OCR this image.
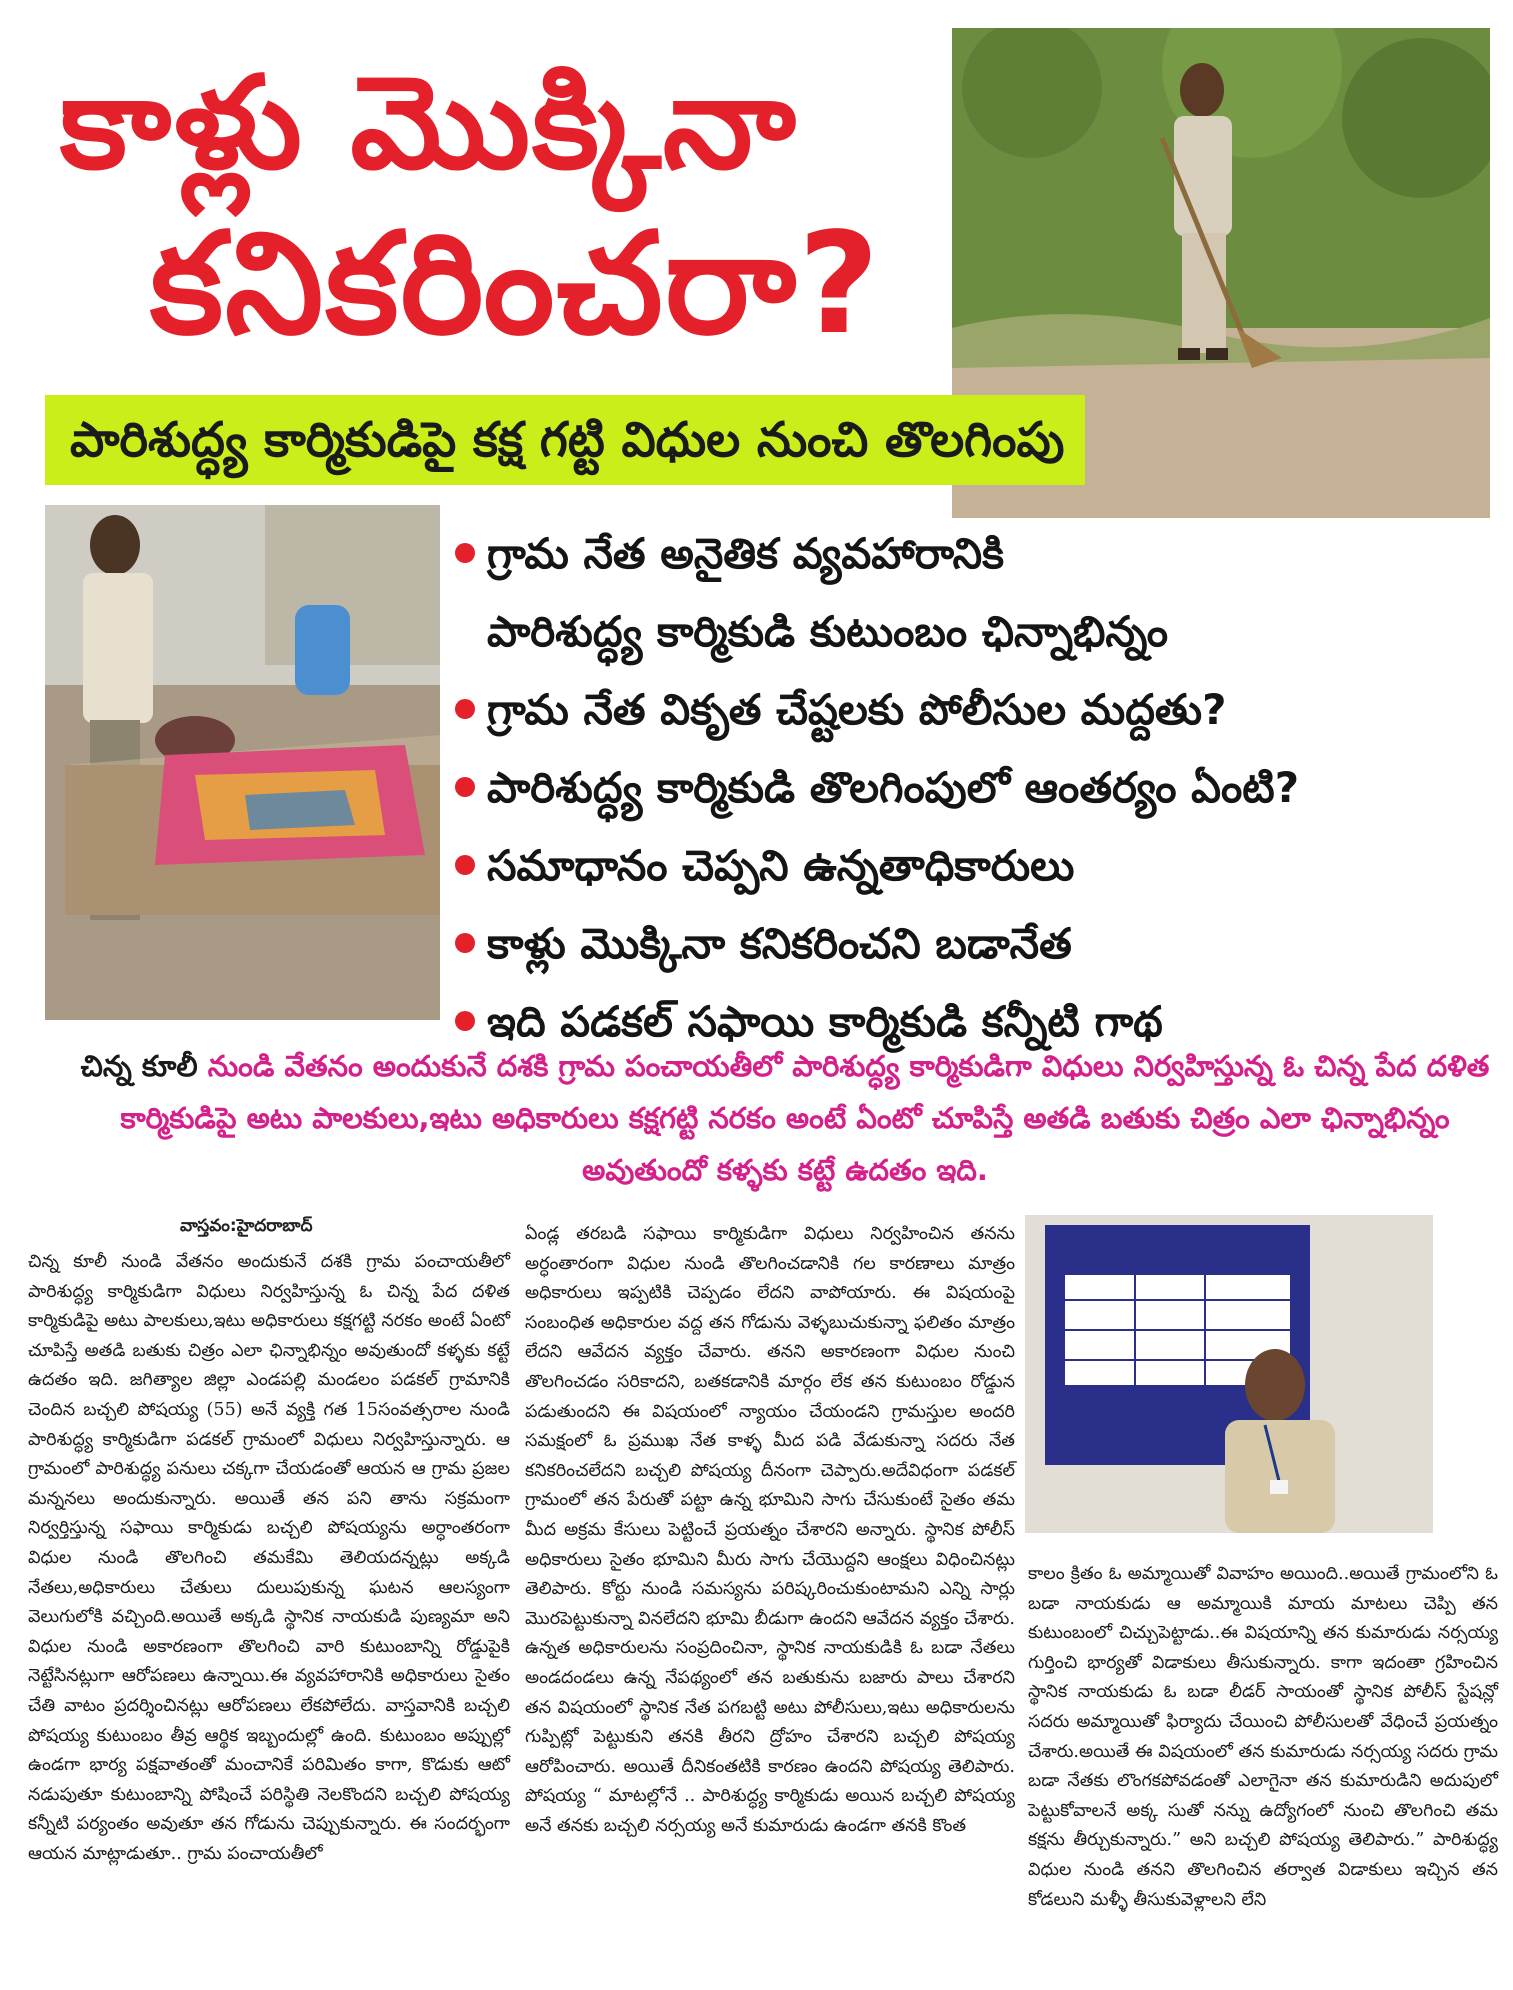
కాళ్లు మొక్కినా
కనికరించరా?
పారిశుద్ధ్య కార్మికుడిపై కక్ష గట్టి విధుల నుంచి తొలగింపు
గ్రామ నేత అనైతిక వ్యవహారానికి
పారిశుద్ధ్య కార్మికుడి కుటుంబం ఛిన్నాభిన్నం
గ్రామ నేత వికృత చేష్టలకు పోలీసుల మద్దతు?
పారిశుద్ధ్య కార్మికుడి తొలగింపులో ఆంతర్యం ఏంటి?
సమాధానం చెప్పని ఉన్నతాధికారులు
కాళ్లు మొక్కినా కనికరించని బడానేత
ఇది పడకల్ సఫాయి కార్మికుడి కన్నీటి గాథ
చిన్న కూలీ నుండి వేతనం అందుకునే దశకి గ్రామ పంచాయతీలో పారిశుద్ధ్య కార్మికుడిగా విధులు నిర్వహిస్తున్న ఓ చిన్న పేద దళిత కార్మికుడిపై అటు పాలకులు,ఇటు అధికారులు కక్షగట్టి నరకం అంటే ఏంటో చూపిస్తే అతడి బతుకు చిత్రం ఎలా ఛిన్నాభిన్నం అవుతుందో కళ్ళకు కట్టే ఉదతం ఇది.
వాస్తవం:హైదరాబాద్

చిన్న కూలీ నుండి వేతనం అందుకునే దశకి గ్రామ పంచాయతీలో పారిశుద్ధ్య కార్మికుడిగా విధులు నిర్వహిస్తున్న ఓ చిన్న పేద దళిత కార్మికుడిపై అటు పాలకులు,ఇటు అధికారులు కక్షగట్టి నరకం అంటే ఏంటో చూపిస్తే అతడి బతుకు చిత్రం ఎలా ఛిన్నాభిన్నం అవుతుందో కళ్ళకు కట్టే ఉదతం ఇది. జగిత్యాల జిల్లా ఎండపల్లి మండలం పడకల్ గ్రామానికి చెందిన బచ్చలి పోషయ్య (55) అనే వ్యక్తి గత 15సంవత్సరాల నుండి పారిశుద్ధ్య కార్మికుడిగా పడకల్ గ్రామంలో విధులు నిర్వహిస్తున్నారు. ఆ గ్రామంలో పారిశుద్ధ్య పనులు చక్కగా చేయడంతో ఆయన ఆ గ్రామ ప్రజల మన్ననలు అందుకున్నారు. అయితే తన పని తాను సక్రమంగా నిర్వర్తిస్తున్న సఫాయి కార్మికుడు బచ్చలి పోషయ్యను అర్ధాంతరంగా విధుల నుండి తొలగించి తమకేమి తెలియదన్నట్లు అక్కడి నేతలు,అధికారులు చేతులు దులుపుకున్న ఘటన ఆలస్యంగా వెలుగులోకి వచ్చింది.అయితే అక్కడి స్థానిక నాయకుడి పుణ్యమా అని విధుల నుండి అకారణంగా తొలగించి వారి కుటుంబాన్ని రోడ్డుపైకి నెట్టేసినట్లుగా ఆరోపణలు ఉన్నాయి.ఈ వ్యవహారానికి అధికారులు సైతం చేతి వాటం ప్రదర్శించినట్లు ఆరోపణలు లేకపోలేదు. వాస్తవానికి బచ్చలి పోషయ్య కుటుంబం తీవ్ర ఆర్థిక ఇబ్బందుల్లో ఉంది. కుటుంబం అప్పుల్లో ఉండగా భార్య పక్షవాతంతో మంచానికే పరిమితం కాగా, కొడుకు ఆటో నడుపుతూ కుటుంబాన్ని పోషించే పరిస్థితి నెలకొందని బచ్చలి పోషయ్య కన్నీటి పర్యంతం అవుతూ తన గోడును చెప్పుకున్నారు. ఈ సందర్భంగా ఆయన మాట్లాడుతూ.. గ్రామ పంచాయతీలో

ఏండ్ల తరబడి సఫాయి కార్మికుడిగా విధులు నిర్వహించిన తనను అర్ధంతారంగా విధుల నుండి తొలగించడానికి గల కారణాలు మాత్రం అధికారులు ఇప్పటికి చెప్పడం లేదని వాపోయారు. ఈ విషయంపై సంబంధిత అధికారుల వద్ద తన గోడును వెళ్ళబుచుకున్నా ఫలితం మాత్రం లేదని ఆవేదన వ్యక్తం చేవారు. తనని అకారణంగా విధుల నుంచి తొలగించడం సరికాదని, బతకడానికి మార్గం లేక తన కుటుంబం రోడ్డున పడుతుందని ఈ విషయంలో న్యాయం చేయండని గ్రామస్తుల అందరి సమక్షంలో ఓ ప్రముఖ నేత కాళ్ళ మీద పడి వేడుకున్నా సదరు నేత కనికరించలేదని బచ్చలి పోషయ్య దీనంగా చెప్పారు.అదేవిధంగా పడకల్ గ్రామంలో తన పేరుతో పట్టా ఉన్న భూమిని సాగు చేసుకుంటే సైతం తమ మీద అక్రమ కేసులు పెట్టించే ప్రయత్నం చేశారని అన్నారు. స్థానిక పోలీస్ అధికారులు సైతం భూమిని మీరు సాగు చేయొద్దని ఆంక్షలు విధించినట్లు తెలిపారు. కోర్టు నుండి సమస్యను పరిష్కరించుకుంటామని ఎన్ని సార్లు మొరపెట్టుకున్నా వినలేదని భూమి బీడుగా ఉందని ఆవేదన వ్యక్తం చేశారు. ఉన్నత అధికారులను సంప్రదించినా, స్థానిక నాయకుడికి ఓ బడా నేతలు అండదండలు ఉన్న నేపథ్యంలో తన బతుకును బజారు పాలు చేశారని తన విషయంలో స్థానిక నేత పగబట్టి అటు పోలీసులు,ఇటు అధికారులను గుప్పిట్లో పెట్టుకుని తనకి తీరని ద్రోహం చేశారని బచ్చలి పోషయ్య ఆరోపించారు. అయితే దీనికంతటికి కారణం ఉందని పోషయ్య తెలిపారు. పోషయ్య “ మాటల్లోనే .. పారిశుద్ధ్య కార్మికుడు అయిన బచ్చలి పోషయ్య అనే తనకు బచ్చలి నర్సయ్య అనే కుమారుడు ఉండగా తనకి కొంత

కాలం క్రితం ఓ అమ్మాయితో వివాహం అయింది..అయితే గ్రామంలోని ఓ బడా నాయకుడు ఆ అమ్మాయికి మాయ మాటలు చెప్పి తన కుటుంబంలో చిచ్చుపెట్టాడు..ఈ విషయాన్ని తన కుమారుడు నర్సయ్య గుర్తించి భార్యతో విడాకులు తీసుకున్నారు. కాగా ఇదంతా గ్రహించిన స్థానిక నాయకుడు ఓ బడా లీడర్ సాయంతో స్థానిక పోలీస్ స్టేషన్లో సదరు అమ్మాయితో ఫిర్యాదు చేయించి పోలీసులతో వేధించే ప్రయత్నం చేశారు.అయితే ఈ విషయంలో తన కుమారుడు నర్సయ్య సదరు గ్రామ బడా నేతకు లొంగకపోవడంతో ఎలాగైనా తన కుమారుడిని అదుపులో పెట్టుకోవాలనే అక్క సుతో నన్ను ఉద్యోగంలో నుంచి తొలగించి తమ కక్షను తీర్చుకున్నారు.” అని బచ్చలి పోషయ్య తెలిపారు.” పారిశుద్ధ్య విధుల నుండి తనని తొలగించిన తర్వాత విడాకులు ఇచ్చిన తన కోడలుని మళ్ళీ తీసుకువెళ్లాలని లేని
